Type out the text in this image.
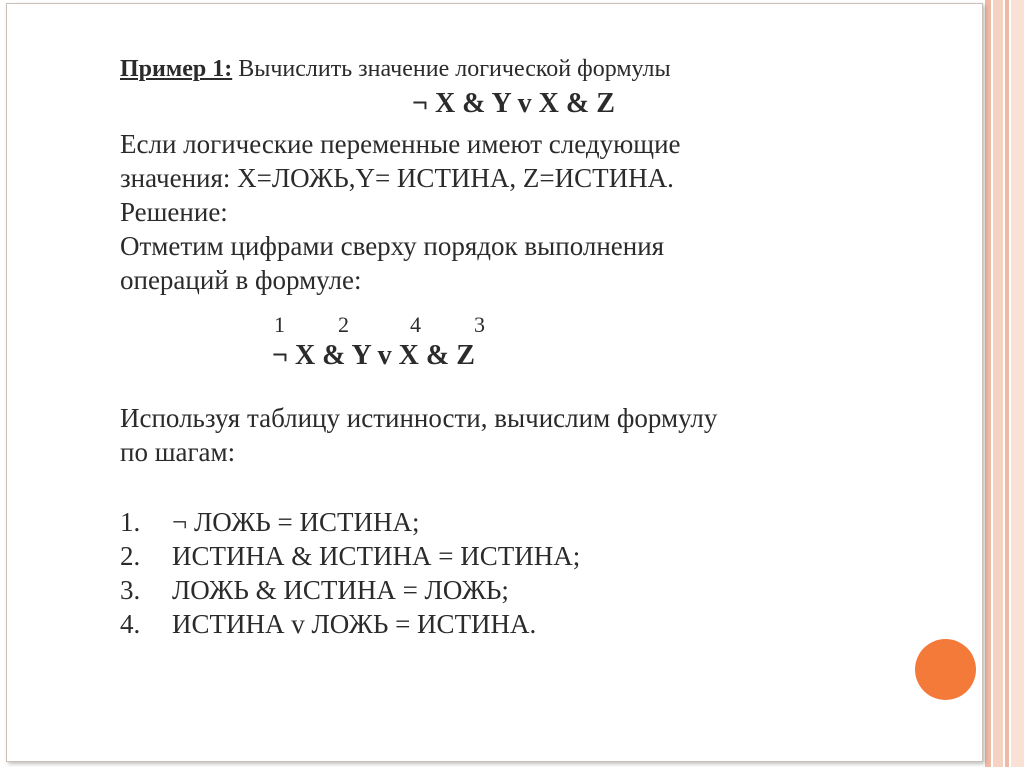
Пример 1: Вычислить значение логической формулы
¬ X & Y v X & Z
Если логические переменные имеют следующие
значения: X=ЛОЖЬ,Y= ИСТИНА, Z=ИСТИНА.
Решение:
Отметим цифрами сверху порядок выполнения
операций в формуле:
1 2	4 3
¬ X & Y v X & Z
Используя таблицу истинности, вычислим формулу
по шагам:
1. ¬ ЛОЖЬ = ИСТИНА;
2. ИСТИНА & ИСТИНА = ИСТИНА;
3. ЛОЖЬ & ИСТИНА = ЛОЖЬ;
4. ИСТИНА v ЛОЖЬ = ИСТИНА.
